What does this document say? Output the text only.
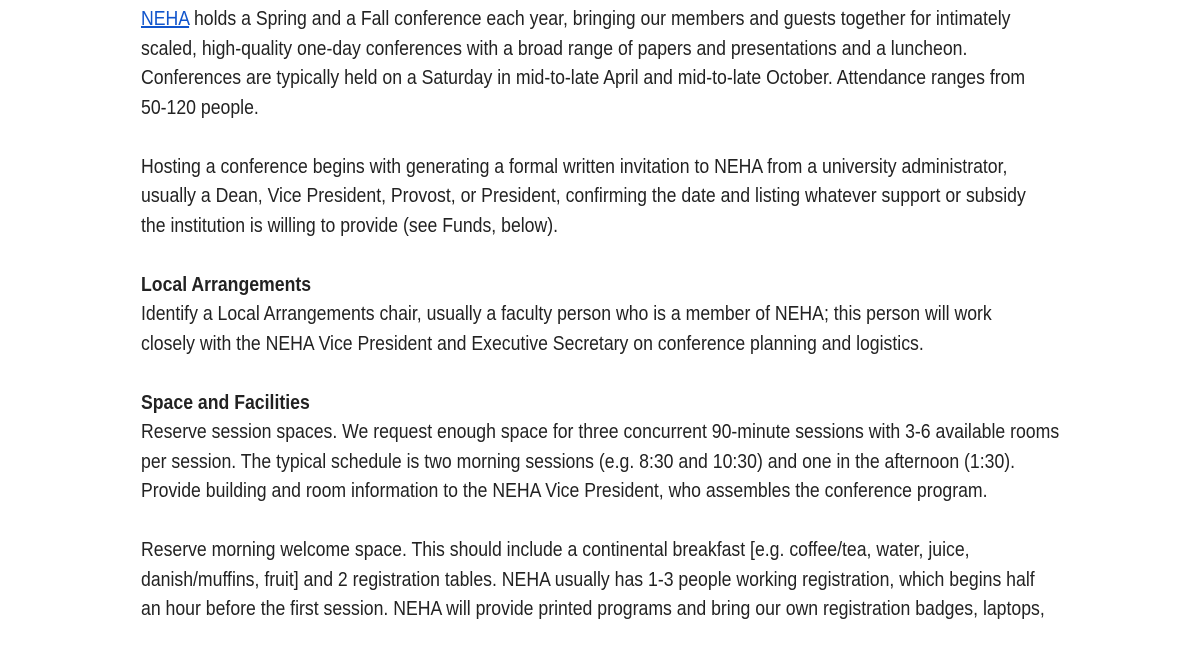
NEHA holds a Spring and a Fall conference each year, bringing our members and guests together for intimately
scaled, high-quality one-day conferences with a broad range of papers and presentations and a luncheon.
Conferences are typically held on a Saturday in mid-to-late April and mid-to-late October. Attendance ranges from
50-120 people.

Hosting a conference begins with generating a formal written invitation to NEHA from a university administrator,
usually a Dean, Vice President, Provost, or President, confirming the date and listing whatever support or subsidy
the institution is willing to provide (see Funds, below).

Local Arrangements
Identify a Local Arrangements chair, usually a faculty person who is a member of NEHA; this person will work
closely with the NEHA Vice President and Executive Secretary on conference planning and logistics.

Space and Facilities
Reserve session spaces. We request enough space for three concurrent 90-minute sessions with 3-6 available rooms
per session. The typical schedule is two morning sessions (e.g. 8:30 and 10:30) and one in the afternoon (1:30).
Provide building and room information to the NEHA Vice President, who assembles the conference program.

Reserve morning welcome space. This should include a continental breakfast [e.g. coffee/tea, water, juice,
danish/muffins, fruit] and 2 registration tables. NEHA usually has 1-3 people working registration, which begins half
an hour before the first session. NEHA will provide printed programs and bring our own registration badges, laptops,
